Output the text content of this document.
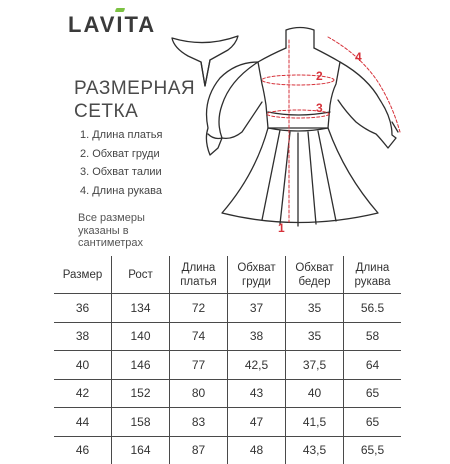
LAVI
TA
РАЗМЕРНАЯ
СЕТКА
1. Длина платья
2. Обхват груди
3. Обхват талии
4. Длина рукава
Все размеры указаны в сантиметрах
1
2
3
4
Размер	Рост	Длина платья	Обхват груди	Обхват бедер	Длина рукава
36	134	72	37	35	56.5
38	140	74	38	35	58
40	146	77	42,5	37,5	64
42	152	80	43	40	65
44	158	83	47	41,5	65
46	164	87	48	43,5	65,5
